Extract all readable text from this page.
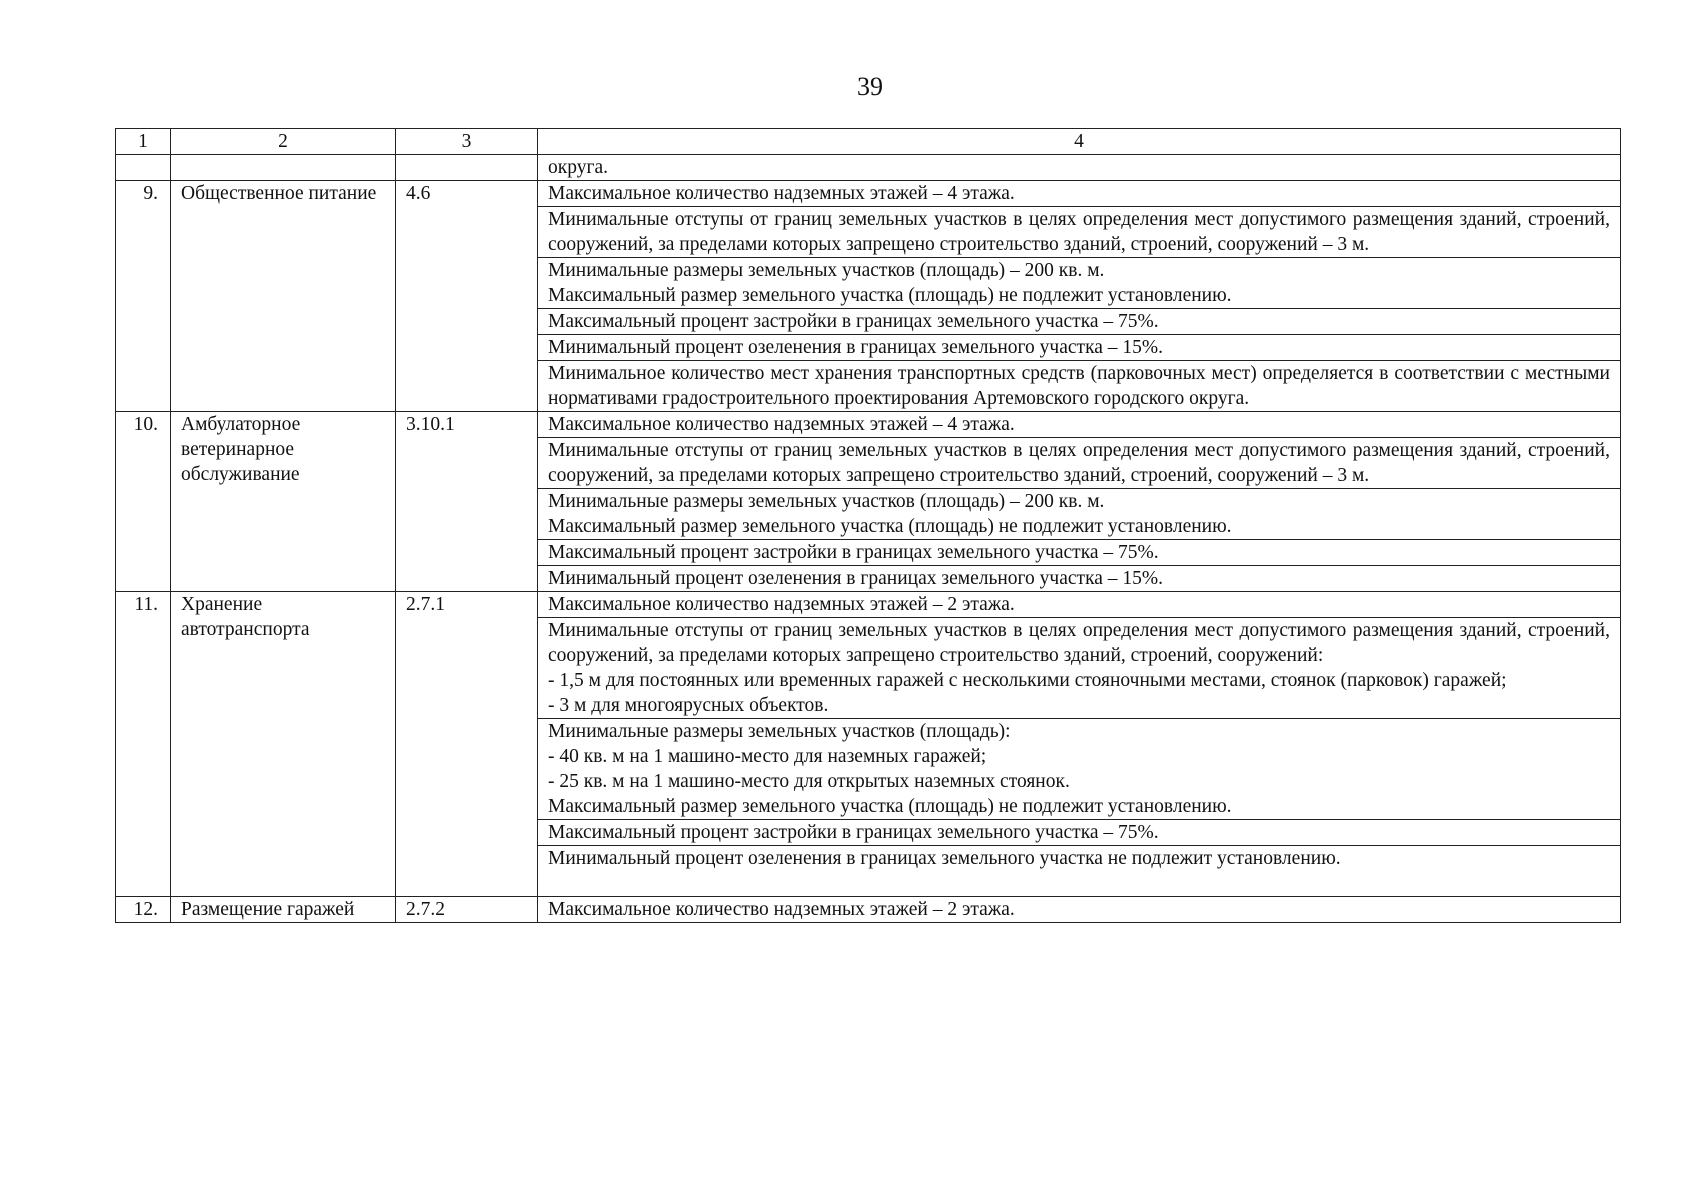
39
1	2	3	4
			округа.
9.	Общественное питание	4.6	Максимальное количество надземных этажей – 4 этажа.
			Минимальные отступы от границ земельных участков в целях определения мест допустимого размещения зданий, строений, сооружений, за пределами которых запрещено строительство зданий, строений, сооружений – 3 м.

			Минимальные размеры земельных участков (площадь) – 200 кв. м.
Максимальный размер земельного участка (площадь) не подлежит установлению.

			Максимальный процент застройки в границах земельного участка – 75%.
			Минимальный процент озеленения в границах земельного участка – 15%.
			Минимальное количество мест хранения транспортных средств (парковочных мест) определяется в соответствии с местными нормативами градостроительного проектирования Артемовского городского округа.
10.	Амбулаторное ветеринарное обслуживание	3.10.1	Максимальное количество надземных этажей – 4 этажа.
			Минимальные отступы от границ земельных участков в целях определения мест допустимого размещения зданий, строений, сооружений, за пределами которых запрещено строительство зданий, строений, сооружений – 3 м.

			Минимальные размеры земельных участков (площадь) – 200 кв. м.
Максимальный размер земельного участка (площадь) не подлежит установлению.

			Максимальный процент застройки в границах земельного участка – 75%.
			Минимальный процент озеленения в границах земельного участка – 15%.
11.	Хранение автотранспорта	2.7.1	Максимальное количество надземных этажей – 2 этажа.

			Минимальные отступы от границ земельных участков в целях определения мест допустимого размещения зданий, строений, сооружений, за пределами которых запрещено строительство зданий, строений, сооружений:
- 1,5 м для постоянных или временных гаражей с несколькими стояночными местами, стоянок (парковок) гаражей;
- 3 м для многоярусных объектов.

			Минимальные размеры земельных участков (площадь):
- 40 кв. м на 1 машино-место для наземных гаражей;
- 25 кв. м на 1 машино-место для открытых наземных стоянок.
Максимальный размер земельного участка (площадь) не подлежит установлению.

			Максимальный процент застройки в границах земельного участка – 75%.
			Минимальный процент озеленения в границах земельного участка не подлежит установлению.
12.	Размещение гаражей	2.7.2	Максимальное количество надземных этажей – 2 этажа.
